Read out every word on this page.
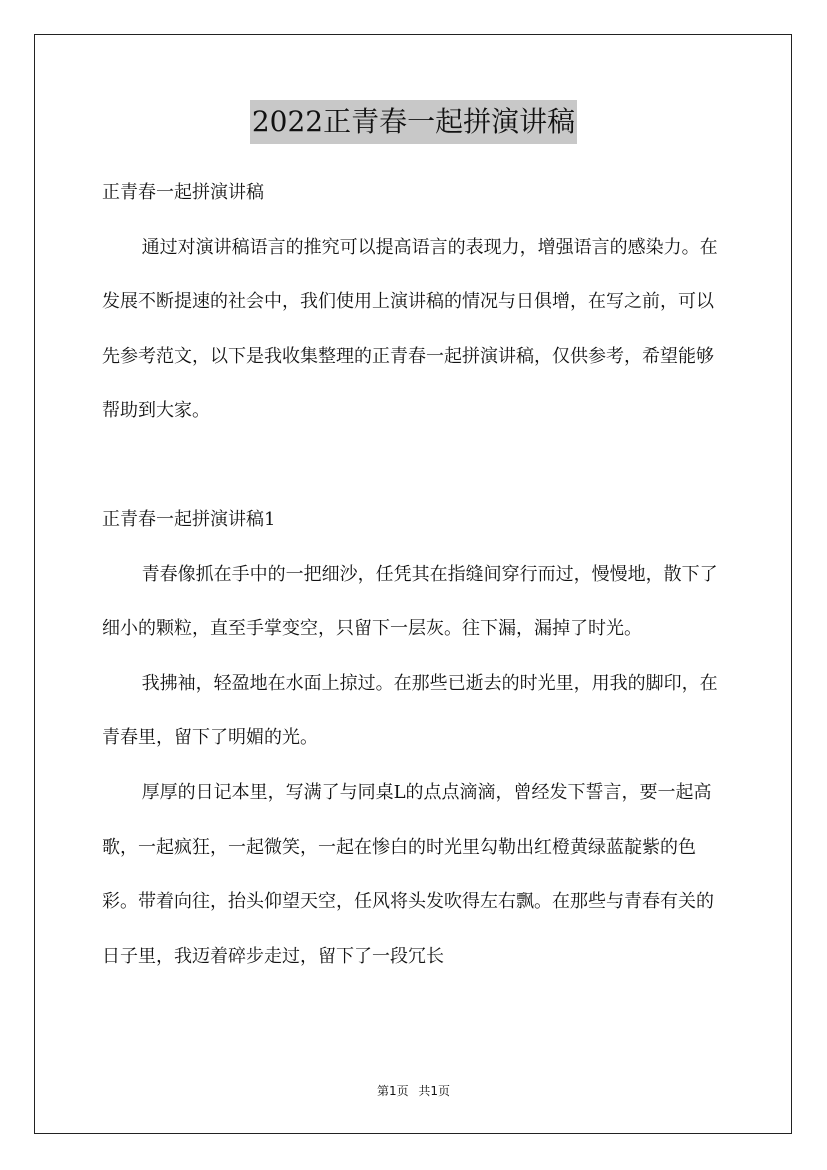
2022正青春一起拼演讲稿

正青春一起拼演讲稿

通过对演讲稿语言的推究可以提高语言的表现力，增强语言的感染力。在发展不断提速的社会中，我们使用上演讲稿的情况与日俱增，在写之前，可以先参考范文，以下是我收集整理的正青春一起拼演讲稿，仅供参考，希望能够帮助到大家。

正青春一起拼演讲稿1

青春像抓在手中的一把细沙，任凭其在指缝间穿行而过，慢慢地，散下了细小的颗粒，直至手掌变空，只留下一层灰。往下漏，漏掉了时光。

我拂袖，轻盈地在水面上掠过。在那些已逝去的时光里，用我的脚印，在青春里，留下了明媚的光。

厚厚的日记本里，写满了与同桌L的点点滴滴，曾经发下誓言，要一起高歌，一起疯狂，一起微笑，一起在惨白的时光里勾勒出红橙黄绿蓝靛紫的色彩。带着向往，抬头仰望天空，任风将头发吹得左右飘。在那些与青春有关的日子里，我迈着碎步走过，留下了一段冗长

第1页 共1页
